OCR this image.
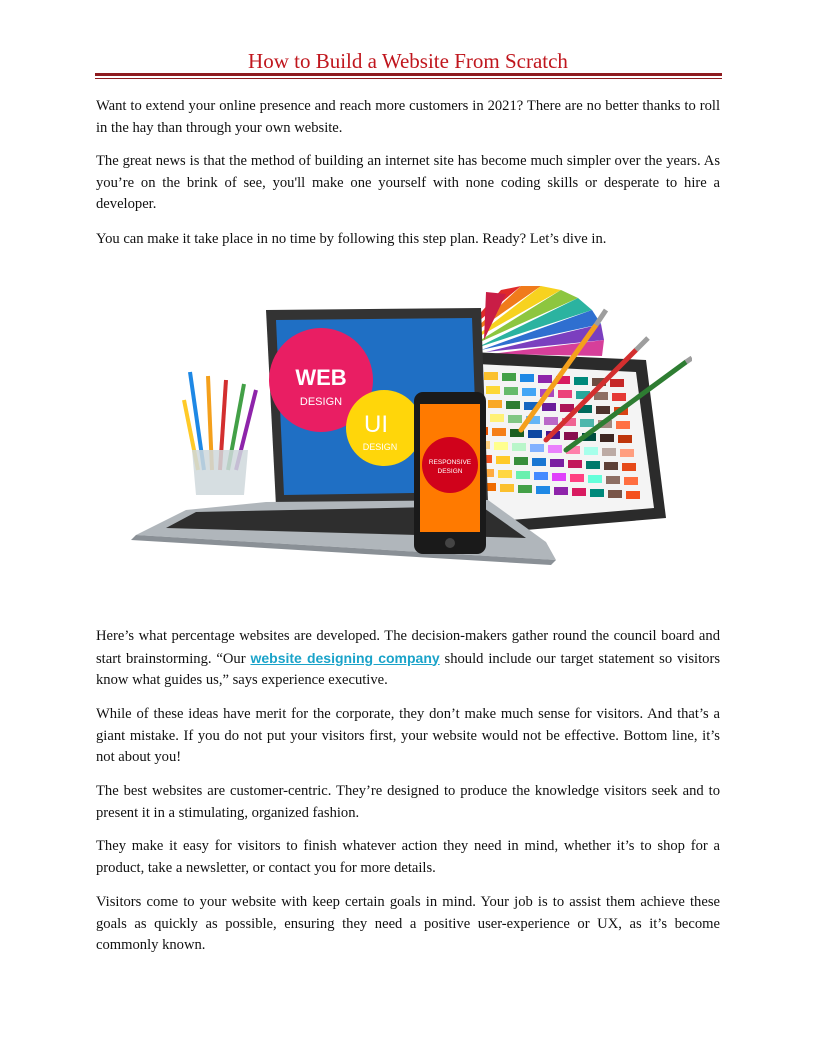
How to Build a Website From Scratch

Want to extend your online presence and reach more customers in 2021? There are no better thanks to roll in the hay than through your own website.

The great news is that the method of building an internet site has become much simpler over the years. As you’re on the brink of see, you'll make one yourself with none coding skills or desperate to hire a developer.

You can make it take place in no time by following this step plan. Ready? Let’s dive in.

WEB
DESIGN
UI
DESIGN
RESPONSIVE
DESIGN

Here’s what percentage websites are developed. The decision-makers gather round the council board and start brainstorming. “Our website designing company should include our target statement so visitors know what guides us,” says experience executive.

While of these ideas have merit for the corporate, they don’t make much sense for visitors. And that’s a giant mistake. If you do not put your visitors first, your website would not be effective. Bottom line, it’s not about you!

The best websites are customer-centric. They’re designed to produce the knowledge visitors seek and to present it in a stimulating, organized fashion.

They make it easy for visitors to finish whatever action they need in mind, whether it’s to shop for a product, take a newsletter, or contact you for more details.

Visitors come to your website with keep certain goals in mind. Your job is to assist them achieve these goals as quickly as possible, ensuring they need a positive user-experience or UX, as it’s become commonly known.
